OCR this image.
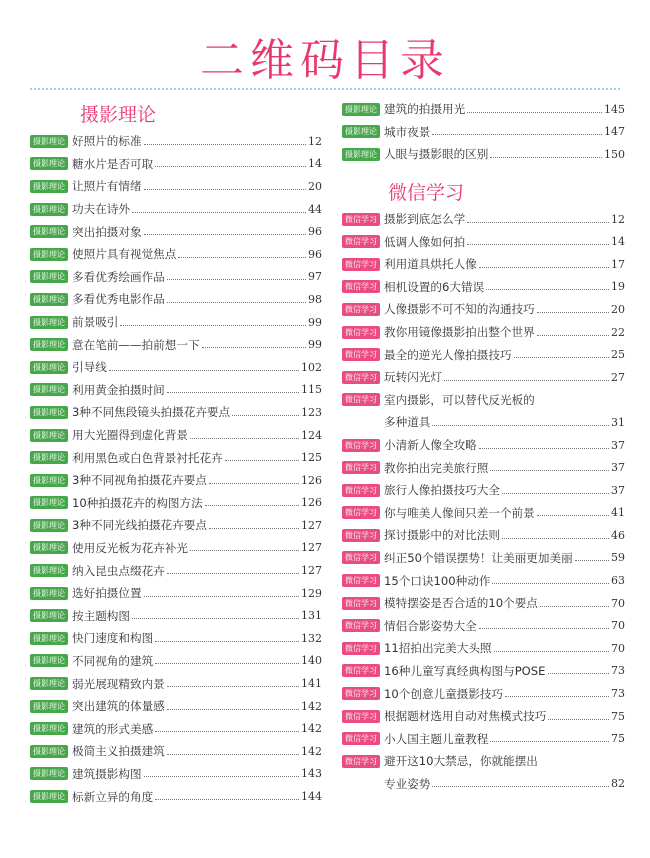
二维码目录
摄影理论
摄影理论 好照片的标准	12
摄影理论 糖水片是否可取	14
摄影理论 让照片有情绪	20
摄影理论 功夫在诗外	44
摄影理论 突出拍摄对象	96
摄影理论 使照片具有视觉焦点	96
摄影理论 多看优秀绘画作品	97
摄影理论 多看优秀电影作品	98
摄影理论 前景吸引	99
摄影理论 意在笔前——拍前想一下	99
摄影理论 引导线	102
摄影理论 利用黄金拍摄时间	115
摄影理论 3种不同焦段镜头拍摄花卉要点	123
摄影理论 用大光圈得到虚化背景	124
摄影理论 利用黑色或白色背景衬托花卉	125
摄影理论 3种不同视角拍摄花卉要点	126
摄影理论 10种拍摄花卉的构图方法	126
摄影理论 3种不同光线拍摄花卉要点	127
摄影理论 使用反光板为花卉补光	127
摄影理论 纳入昆虫点缀花卉	127
摄影理论 选好拍摄位置	129
摄影理论 按主题构图	131
摄影理论 快门速度和构图	132
摄影理论 不同视角的建筑	140
摄影理论 弱光展现精致内景	141
摄影理论 突出建筑的体量感	142
摄影理论 建筑的形式美感	142
摄影理论 极简主义拍摄建筑	142
摄影理论 建筑摄影构图	143
摄影理论 标新立异的角度	144
摄影理论 建筑的拍摄用光	145
摄影理论 城市夜景	147
摄影理论 人眼与摄影眼的区别	150
微信学习
微信学习 摄影到底怎么学	12
微信学习 低调人像如何拍	14
微信学习 利用道具烘托人像	17
微信学习 相机设置的6大错误	19
微信学习 人像摄影不可不知的沟通技巧	20
微信学习 教你用镜像摄影拍出整个世界	22
微信学习 最全的逆光人像拍摄技巧	25
微信学习 玩转闪光灯	27
微信学习 室内摄影，可以替代反光板的
多种道具	31
微信学习 小清新人像全攻略	37
微信学习 教你拍出完美旅行照	37
微信学习 旅行人像拍摄技巧大全	37
微信学习 你与唯美人像间只差一个前景	41
微信学习 探讨摄影中的对比法则	46
微信学习 纠正50个错误摆势！让美丽更加美丽	59
微信学习 15个口诀100种动作	63
微信学习 模特摆姿是否合适的10个要点	70
微信学习 情侣合影姿势大全	70
微信学习 11招拍出完美大头照	70
微信学习 16种儿童写真经典构图与POSE	73
微信学习 10个创意儿童摄影技巧	73
微信学习 根据题材选用自动对焦模式技巧	75
微信学习 小人国主题儿童教程	75
微信学习 避开这10大禁忌，你就能摆出
专业姿势	82
